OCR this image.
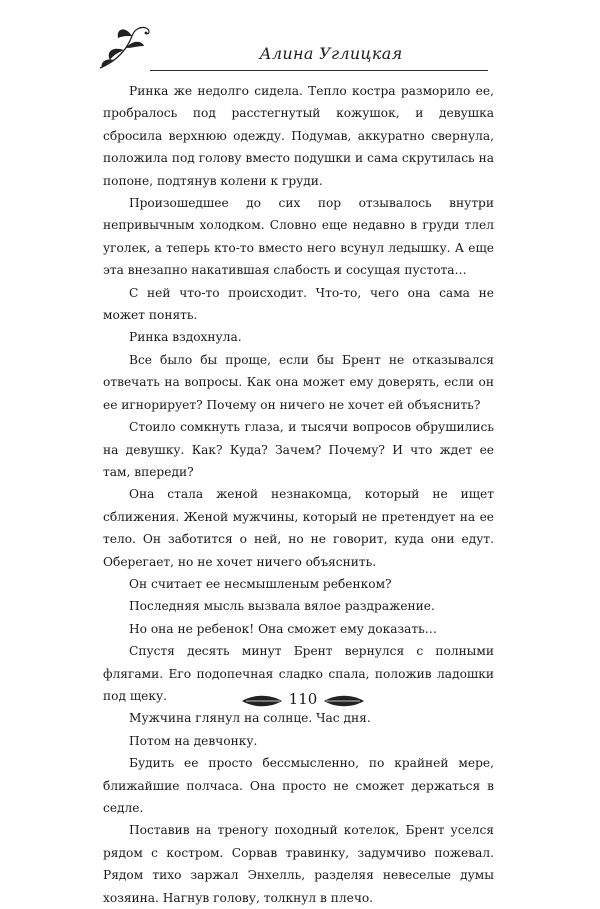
Алина Углицкая

Ринка же недолго сидела. Тепло костра разморило ее, пробралось под расстегнутый кожушок, и девушка сбросила верхнюю одежду. Подумав, аккуратно свернула, положила под голову вместо подушки и сама скрутилась на попоне, подтянув колени к груди.

Произошедшее до сих пор отзывалось внутри непривычным холодком. Словно еще недавно в груди тлел уголек, а теперь кто-то вместо него всунул ледышку. А еще эта внезапно накатившая слабость и сосущая пустота…

С ней что-то происходит. Что-то, чего она сама не может понять.

Ринка вздохнула.

Все было бы проще, если бы Брент не отказывался отвечать на вопросы. Как она может ему доверять, если он ее игнорирует? Почему он ничего не хочет ей объяснить?

Стоило сомкнуть глаза, и тысячи вопросов обрушились на девушку. Как? Куда? Зачем? Почему? И что ждет ее там, впереди?

Она стала женой незнакомца, который не ищет сближения. Женой мужчины, который не претендует на ее тело. Он заботится о ней, но не говорит, куда они едут. Оберегает, но не хочет ничего объяснить.

Он считает ее несмышленым ребенком?

Последняя мысль вызвала вялое раздражение.

Но она не ребенок! Она сможет ему доказать…

Спустя десять минут Брент вернулся с полными флягами. Его подопечная сладко спала, положив ладошки под щеку.

Мужчина глянул на солнце. Час дня.

Потом на девчонку.

Будить ее просто бессмысленно, по крайней мере, ближайшие полчаса. Она просто не сможет держаться в седле.

Поставив на треногу походный котелок, Брент уселся рядом с костром. Сорвав травинку, задумчиво пожевал. Рядом тихо заржал Энхелль, разделяя невеселые думы хозяина. Нагнув голову, толкнул в плечо.

110
